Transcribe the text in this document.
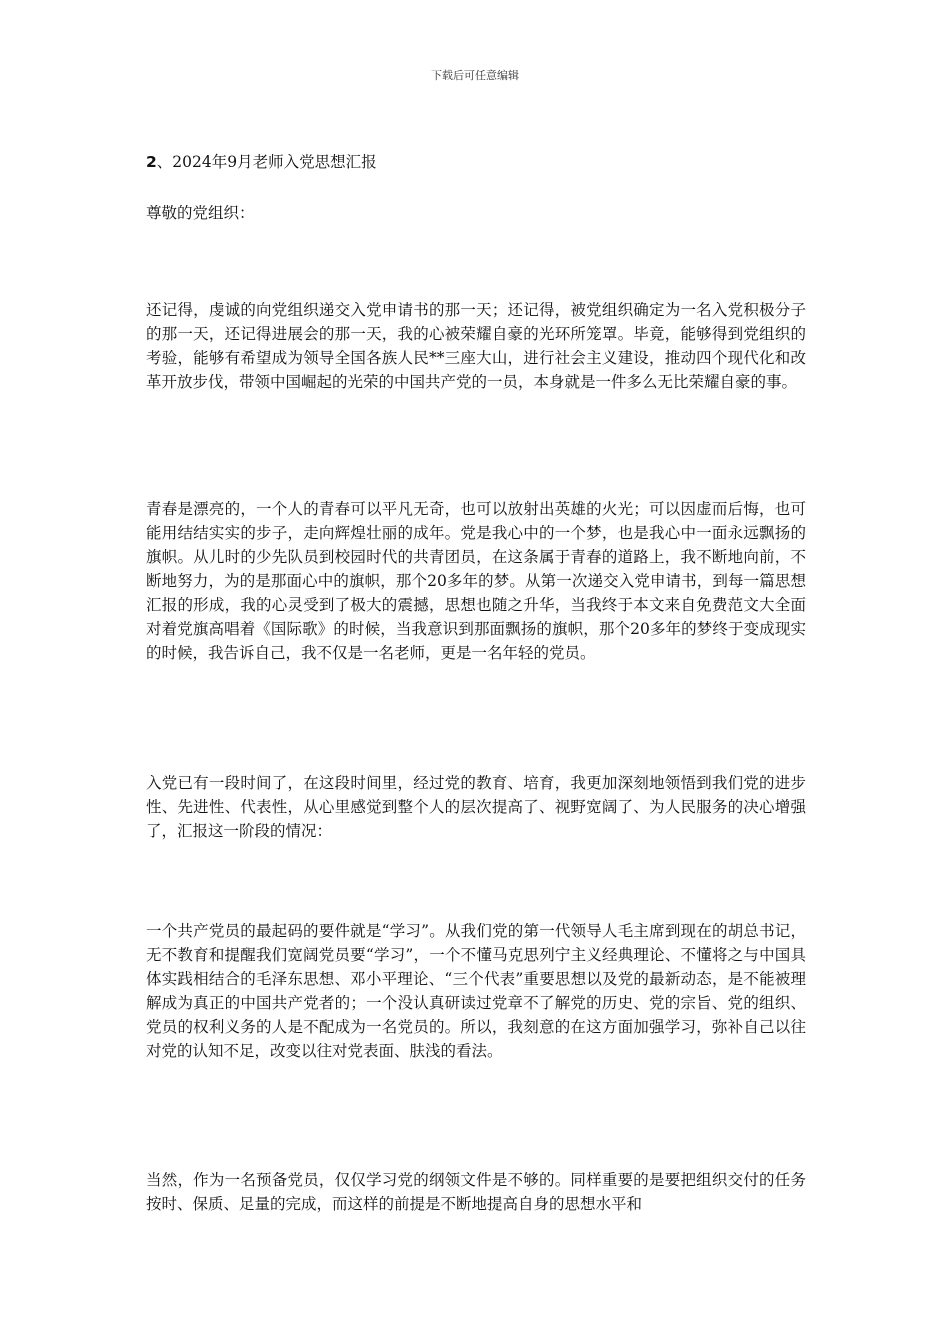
下载后可任意编辑
2、2024年9月老师入党思想汇报
尊敬的党组织：

还记得，虔诚的向党组织递交入党申请书的那一天；还记得，被党组织确定为一名入党积极分子的那一天，还记得进展会的那一天，我的心被荣耀自豪的光环所笼罩。毕竟，能够得到党组织的考验，能够有希望成为领导全国各族人民**三座大山，进行社会主义建设，推动四个现代化和改革开放步伐，带领中国崛起的光荣的中国共产党的一员，本身就是一件多么无比荣耀自豪的事。

青春是漂亮的，一个人的青春可以平凡无奇，也可以放射出英雄的火光；可以因虚而后悔，也可能用结结实实的步子，走向辉煌壮丽的成年。党是我心中的一个梦，也是我心中一面永远飘扬的旗帜。从儿时的少先队员到校园时代的共青团员，在这条属于青春的道路上，我不断地向前，不断地努力，为的是那面心中的旗帜，那个20多年的梦。从第一次递交入党申请书，到每一篇思想汇报的形成，我的心灵受到了极大的震撼，思想也随之升华，当我终于本文来自免费范文大全面对着党旗高唱着《国际歌》的时候，当我意识到那面飘扬的旗帜，那个20多年的梦终于变成现实的时候，我告诉自己，我不仅是一名老师，更是一名年轻的党员。

入党已有一段时间了，在这段时间里，经过党的教育、培育，我更加深刻地领悟到我们党的进步性、先进性、代表性，从心里感觉到整个人的层次提高了、视野宽阔了、为人民服务的决心增强了，汇报这一阶段的情况：

一个共产党员的最起码的要件就是“学习”。从我们党的第一代领导人毛主席到现在的胡总书记，无不教育和提醒我们宽阔党员要“学习”，一个不懂马克思列宁主义经典理论、不懂将之与中国具体实践相结合的毛泽东思想、邓小平理论、“三个代表”重要思想以及党的最新动态，是不能被理解成为真正的中国共产党者的；一个没认真研读过党章不了解党的历史、党的宗旨、党的组织、党员的权利义务的人是不配成为一名党员的。所以，我刻意的在这方面加强学习，弥补自己以往对党的认知不足，改变以往对党表面、肤浅的看法。

当然，作为一名预备党员，仅仅学习党的纲领文件是不够的。同样重要的是要把组织交付的任务按时、保质、足量的完成，而这样的前提是不断地提高自身的思想水平和
